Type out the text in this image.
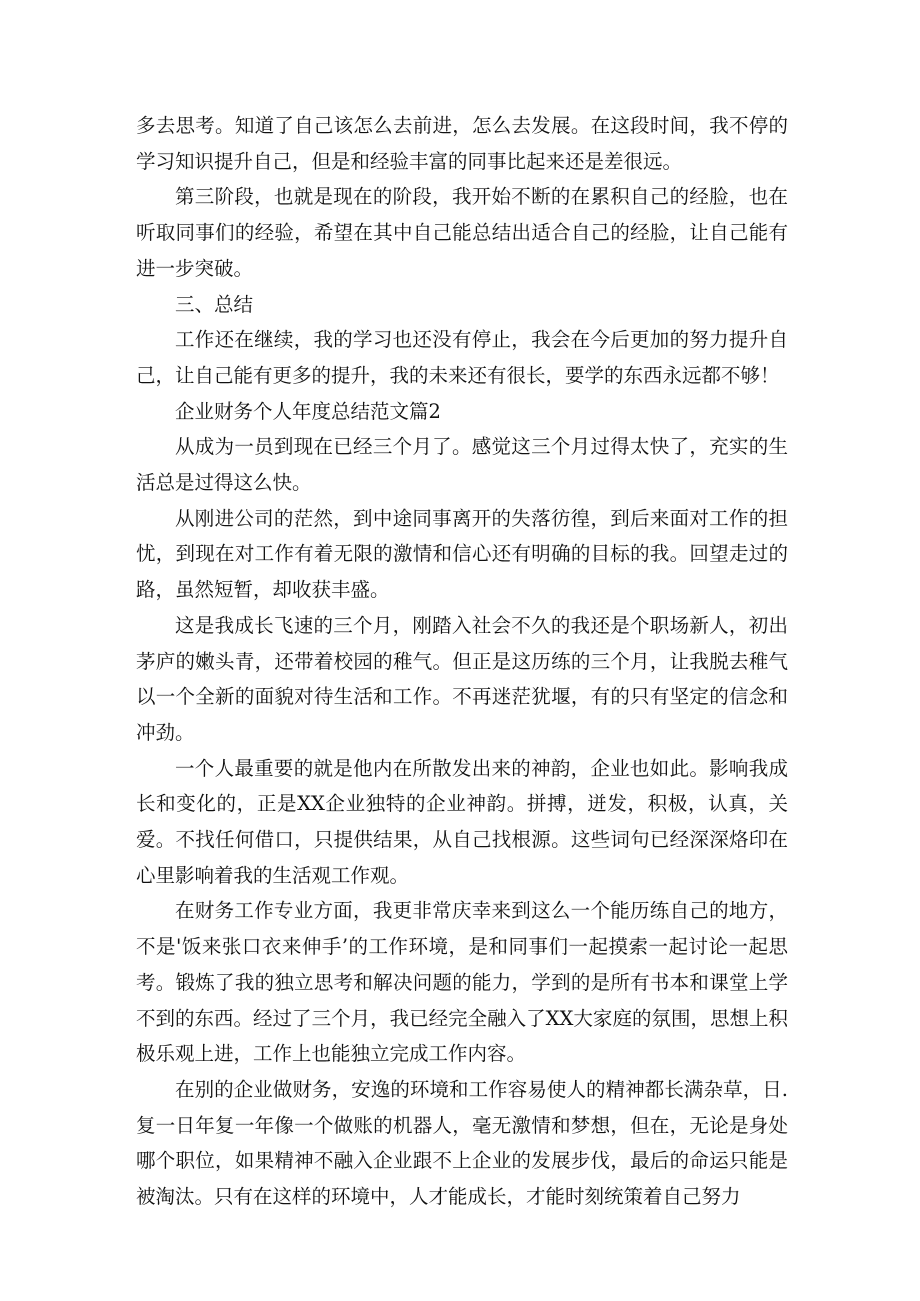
多去思考。知道了自己该怎么去前进，怎么去发展。在这段时间，我不停的学习知识提升自己，但是和经验丰富的同事比起来还是差很远。

第三阶段，也就是现在的阶段，我开始不断的在累积自己的经脸，也在听取同事们的经验，希望在其中自己能总结出适合自己的经脸，让自己能有进一步突破。

三、总结

工作还在继续，我的学习也还没有停止，我会在今后更加的努力提升自己，让自己能有更多的提升，我的未来还有很长，要学的东西永远都不够！

企业财务个人年度总结范文篇2

从成为一员到现在已经三个月了。感觉这三个月过得太快了，充实的生活总是过得这么快。

从刚进公司的茫然，到中途同事离开的失落彷徨，到后来面对工作的担忧，到现在对工作有着无限的激情和信心还有明确的目标的我。回望走过的路，虽然短暂，却收获丰盛。

这是我成长飞速的三个月，刚踏入社会不久的我还是个职场新人，初出茅庐的嫩头青，还带着校园的稚气。但正是这历练的三个月，让我脱去稚气以一个全新的面貌对待生活和工作。不再迷茫犹堰，有的只有坚定的信念和冲劲。

一个人最重要的就是他内在所散发出来的神韵，企业也如此。影响我成长和变化的，正是XX企业独特的企业神韵。拼搏，迸发，积极，认真，关爱。不找任何借口，只提供结果，从自己找根源。这些词句已经深深烙印在心里影响着我的生活观工作观。

在财务工作专业方面，我更非常庆幸来到这么一个能历练自己的地方，不是'饭来张口衣来伸手’的工作环境，是和同事们一起摸索一起讨论一起思考。锻炼了我的独立思考和解决问题的能力，学到的是所有书本和课堂上学不到的东西。经过了三个月，我已经完全融入了XX大家庭的氛围，思想上积极乐观上进，工作上也能独立完成工作内容。

在别的企业做财务，安逸的环境和工作容易使人的精神都长满杂草，日.复一日年复一年像一个做账的机器人，毫无激情和梦想，但在，无论是身处哪个职位，如果精神不融入企业跟不上企业的发展步伐，最后的命运只能是被淘汰。只有在这样的环境中，人才能成长，才能时刻统策着自己努力
